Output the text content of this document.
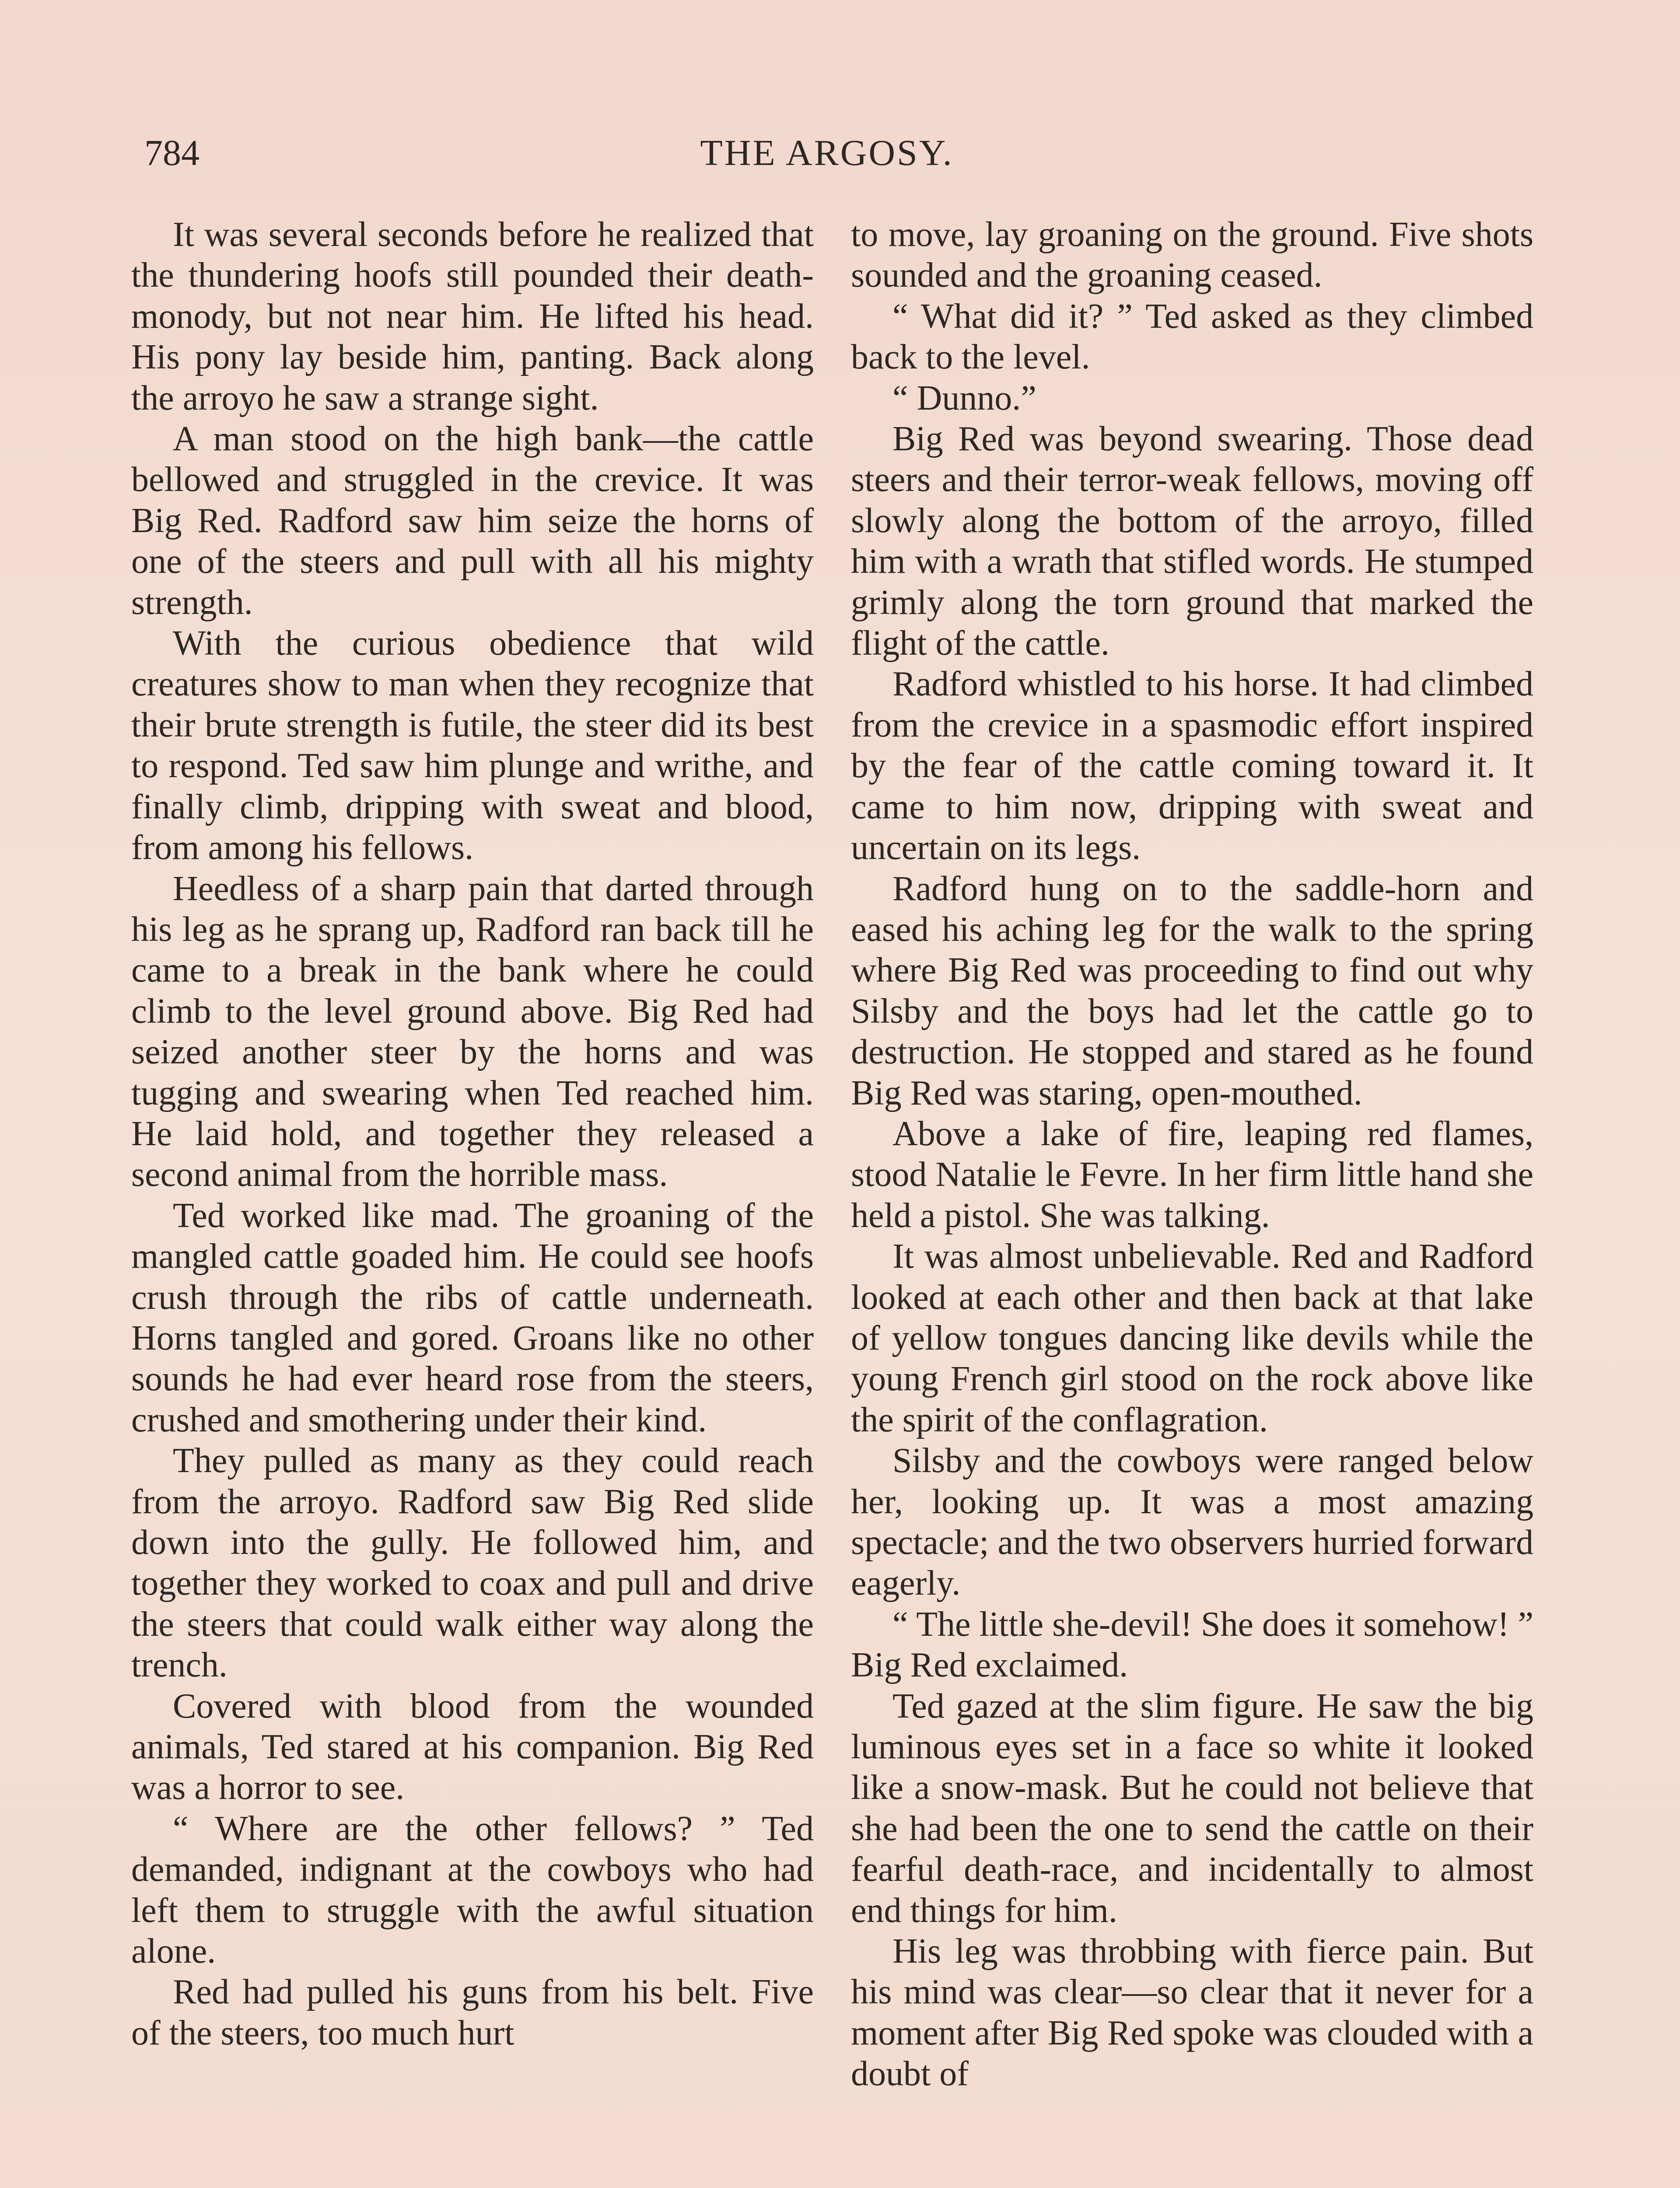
784	THE ARGOSY.

It was several seconds before he realized that the thundering hoofs still pounded their death-monody, but not near him. He lifted his head. His pony lay beside him, panting. Back along the arroyo he saw a strange sight.

A man stood on the high bank—the cattle bellowed and struggled in the crevice. It was Big Red. Radford saw him seize the horns of one of the steers and pull with all his mighty strength.

With the curious obedience that wild creatures show to man when they recognize that their brute strength is futile, the steer did its best to respond. Ted saw him plunge and writhe, and finally climb, dripping with sweat and blood, from among his fellows.

Heedless of a sharp pain that darted through his leg as he sprang up, Radford ran back till he came to a break in the bank where he could climb to the level ground above. Big Red had seized another steer by the horns and was tugging and swearing when Ted reached him. He laid hold, and together they released a second animal from the horrible mass.

Ted worked like mad. The groaning of the mangled cattle goaded him. He could see hoofs crush through the ribs of cattle underneath. Horns tangled and gored. Groans like no other sounds he had ever heard rose from the steers, crushed and smothering under their kind.

They pulled as many as they could reach from the arroyo. Radford saw Big Red slide down into the gully. He followed him, and together they worked to coax and pull and drive the steers that could walk either way along the trench.

Covered with blood from the wounded animals, Ted stared at his companion. Big Red was a horror to see.

“ Where are the other fellows? ” Ted demanded, indignant at the cowboys who had left them to struggle with the awful situation alone.

Red had pulled his guns from his belt. Five of the steers, too much hurt

to move, lay groaning on the ground. Five shots sounded and the groaning ceased.

“ What did it? ” Ted asked as they climbed back to the level.

“ Dunno.”

Big Red was beyond swearing. Those dead steers and their terror-weak fellows, moving off slowly along the bottom of the arroyo, filled him with a wrath that stifled words. He stumped grimly along the torn ground that marked the flight of the cattle.

Radford whistled to his horse. It had climbed from the crevice in a spasmodic effort inspired by the fear of the cattle coming toward it. It came to him now, dripping with sweat and uncertain on its legs.

Radford hung on to the saddle-horn and eased his aching leg for the walk to the spring where Big Red was proceeding to find out why Silsby and the boys had let the cattle go to destruction. He stopped and stared as he found Big Red was staring, open-mouthed.

Above a lake of fire, leaping red flames, stood Natalie le Fevre. In her firm little hand she held a pistol. She was talking.

It was almost unbelievable. Red and Radford looked at each other and then back at that lake of yellow tongues dancing like devils while the young French girl stood on the rock above like the spirit of the conflagration.

Silsby and the cowboys were ranged below her, looking up. It was a most amazing spectacle; and the two observers hurried forward eagerly.

“ The little she-devil! She does it somehow! ” Big Red exclaimed.

Ted gazed at the slim figure. He saw the big luminous eyes set in a face so white it looked like a snow-mask. But he could not believe that she had been the one to send the cattle on their fearful death-race, and incidentally to almost end things for him.

His leg was throbbing with fierce pain. But his mind was clear—so clear that it never for a moment after Big Red spoke was clouded with a doubt of
